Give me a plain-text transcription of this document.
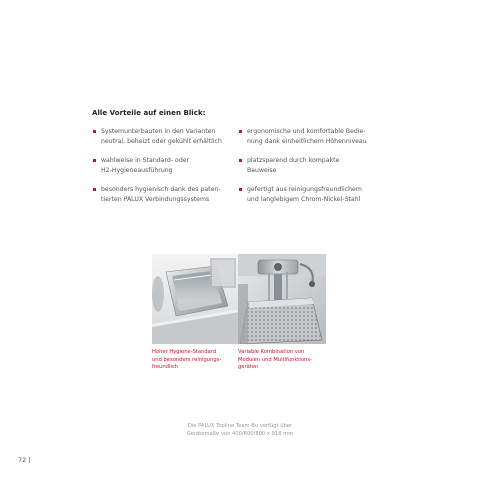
Alle Vorteile auf einen Blick:
Systemunterbauten in den Varianten
neutral, beheizt oder gekühlt erhältlich
wahlweise in Standard- oder
H2-Hygieneausführung
besonders hygienisch dank des paten-
tierten PALUX Verbindungssystems
ergonomische und komfortable Bedie-
nung dank einheitlichem Höhenniveau
platzsparend durch kompakte
Bauweise
gefertigt aus reinigungsfreundlichem
und langlebigem Chrom-Nickel-Stahl
Hoher Hygiene-Standard
und besonders reinigungs-
freundlich
Variable Kombination von
Modulen und Multifunktions-
geräten
Die PALUX Topline Team-Bu verfügt über
Gerätemaße von 400/600/800 x 918 mm
72 |
